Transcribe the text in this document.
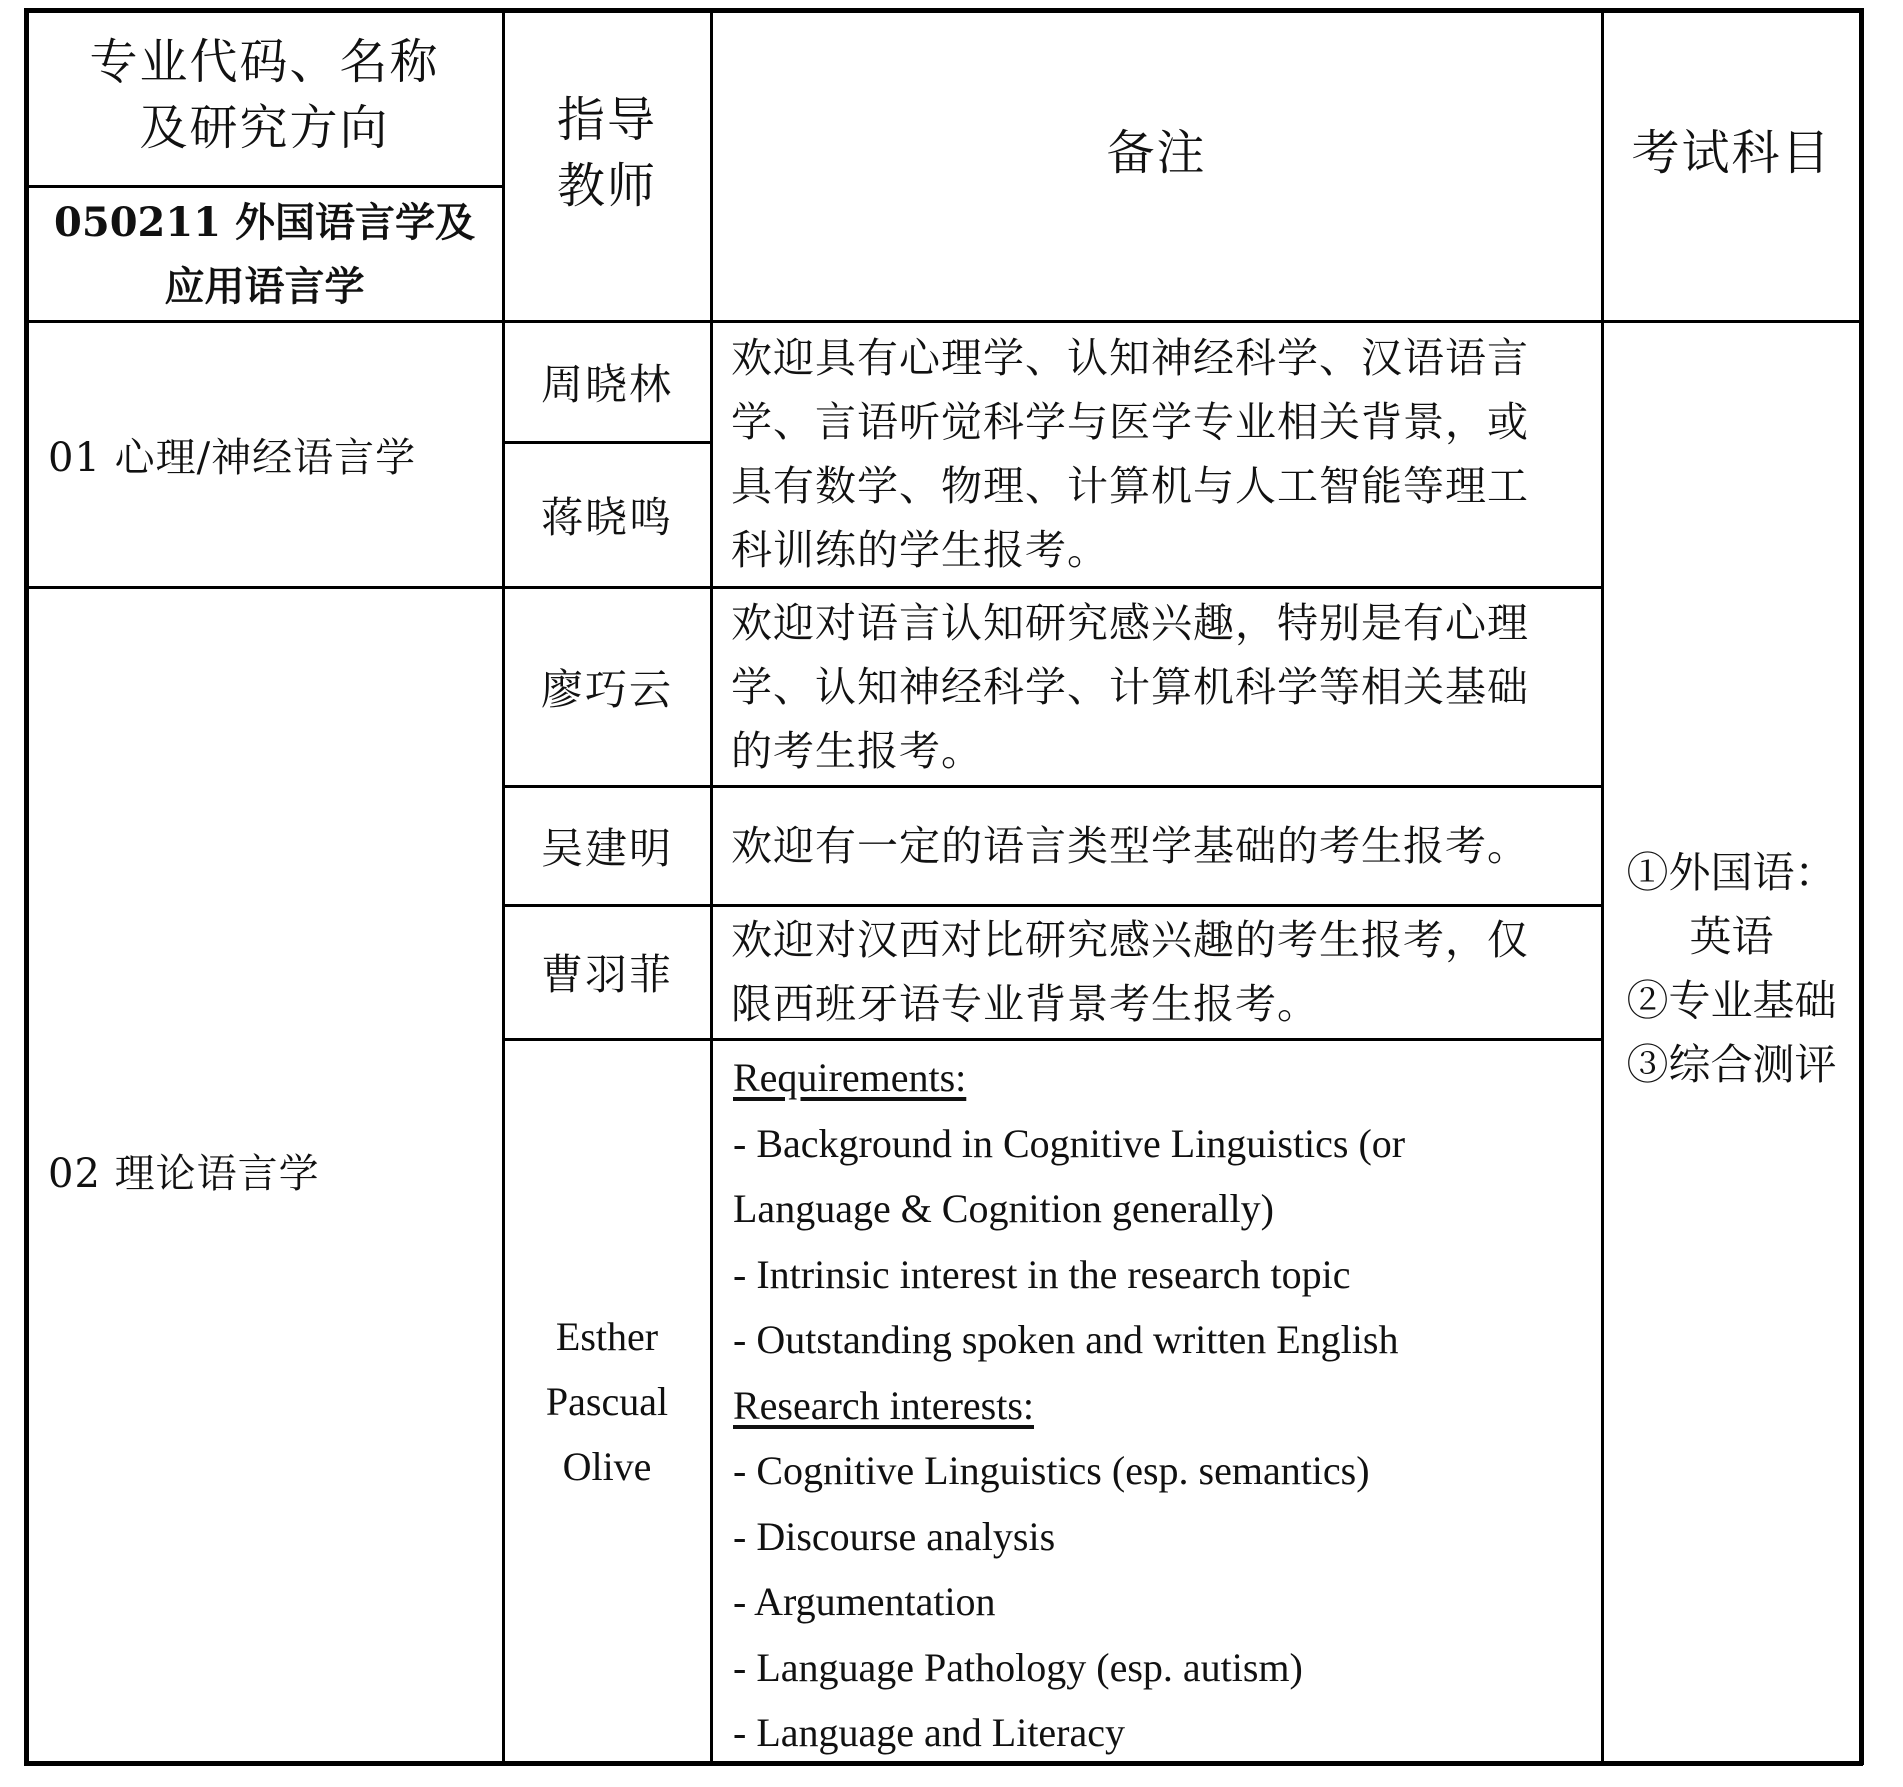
专业代码、名称
及研究方向
050211 外国语言学及
应用语言学
指导
教师
备注	考试科目
01 心理/神经语言学
周晓林
蒋晓鸣
欢迎具有心理学、认知神经科学、汉语语言
学、言语听觉科学与医学专业相关背景，或
具有数学、物理、计算机与人工智能等理工
科训练的学生报考。
02 理论语言学
廖巧云
欢迎对语言认知研究感兴趣，特别是有心理
学、认知神经科学、计算机科学等相关基础
的考生报考。
吴建明 欢迎有一定的语言类型学基础的考生报考。
曹羽菲
欢迎对汉西对比研究感兴趣的考生报考，仅
限西班牙语专业背景考生报考。
Esther
Pascual
Olive
Requirements:
- Background in Cognitive Linguistics (or
Language & Cognition generally)
- Intrinsic interest in the research topic
- Outstanding spoken and written English
Research interests:
- Cognitive Linguistics (esp. semantics)
- Discourse analysis
- Argumentation
- Language Pathology (esp. autism)
- Language and Literacy
①外国语：
英语
②专业基础
③综合测评
